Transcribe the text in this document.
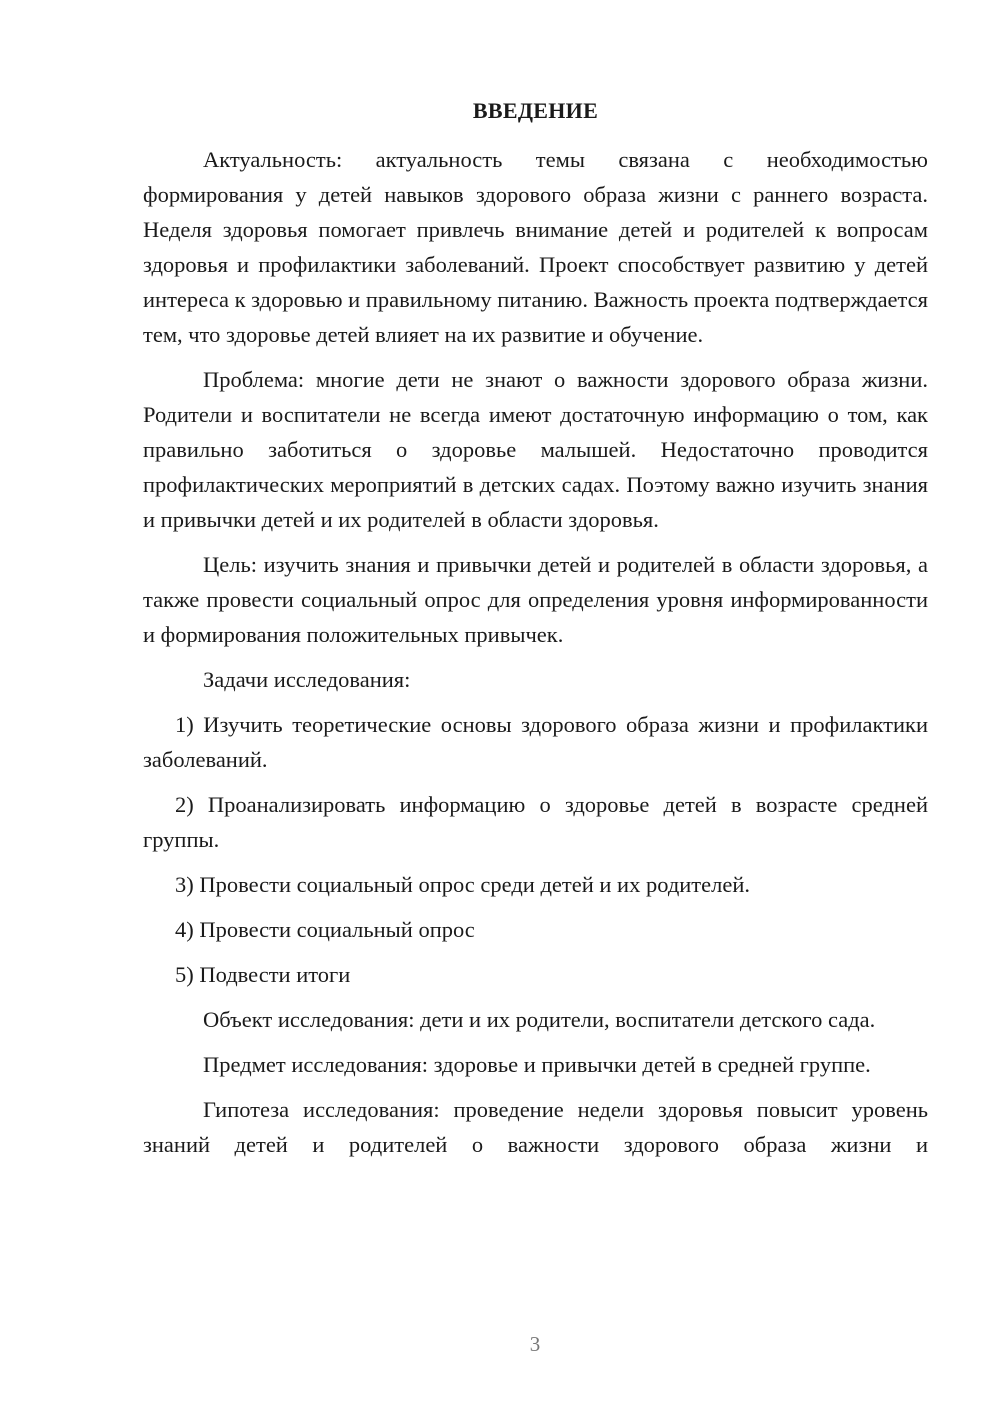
ВВЕДЕНИЕ

Актуальность: актуальность темы связана с необходимостью формирования у детей навыков здорового образа жизни с раннего возраста. Неделя здоровья помогает привлечь внимание детей и родителей к вопросам здоровья и профилактики заболеваний. Проект способствует развитию у детей интереса к здоровью и правильному питанию. Важность проекта подтверждается тем, что здоровье детей влияет на их развитие и обучение.

Проблема: многие дети не знают о важности здорового образа жизни. Родители и воспитатели не всегда имеют достаточную информацию о том, как правильно заботиться о здоровье малышей. Недостаточно проводится профилактических мероприятий в детских садах. Поэтому важно изучить знания и привычки детей и их родителей в области здоровья.

Цель: изучить знания и привычки детей и родителей в области здоровья, а также провести социальный опрос для определения уровня информированности и формирования положительных привычек.

Задачи исследования:

1) Изучить теоретические основы здорового образа жизни и профилактики заболеваний.

2) Проанализировать информацию о здоровье детей в возрасте средней группы.

3) Провести социальный опрос среди детей и их родителей.

4) Провести социальный опрос

5) Подвести итоги

Объект исследования: дети и их родители, воспитатели детского сада.

Предмет исследования: здоровье и привычки детей в средней группе.

Гипотеза исследования: проведение недели здоровья повысит уровень знаний детей и родителей о важности здорового образа жизни и

3
